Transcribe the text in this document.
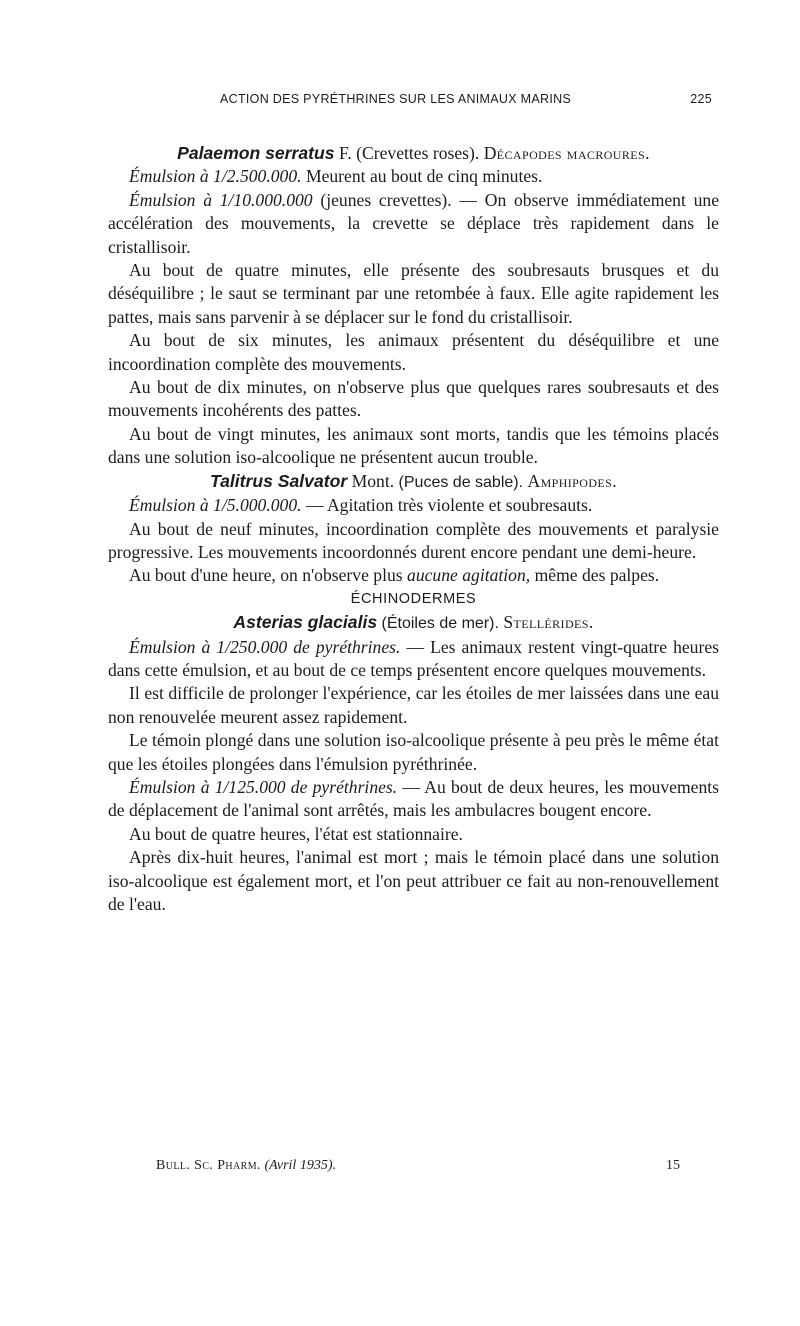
ACTION DES PYRÉTHRINES SUR LES ANIMAUX MARINS	225

Palaemon serratus F. (Crevettes roses). Décapodes macroures.

Émulsion à 1/2.500.000. Meurent au bout de cinq minutes.

Émulsion à 1/10.000.000 (jeunes crevettes). — On observe immédiatement une accélération des mouvements, la crevette se déplace très rapidement dans le cristallisoir.

Au bout de quatre minutes, elle présente des soubresauts brusques et du déséquilibre ; le saut se terminant par une retombée à faux. Elle agite rapidement les pattes, mais sans parvenir à se déplacer sur le fond du cristallisoir.

Au bout de six minutes, les animaux présentent du déséquilibre et une incoordination complète des mouvements.

Au bout de dix minutes, on n'observe plus que quelques rares soubresauts et des mouvements incohérents des pattes.

Au bout de vingt minutes, les animaux sont morts, tandis que les témoins placés dans une solution iso-alcoolique ne présentent aucun trouble.

Talitrus Salvator Mont. (Puces de sable). Amphipodes.

Émulsion à 1/5.000.000. — Agitation très violente et soubresauts.

Au bout de neuf minutes, incoordination complète des mouvements et paralysie progressive. Les mouvements incoordonnés durent encore pendant une demi-heure.

Au bout d'une heure, on n'observe plus aucune agitation, même des palpes.

ÉCHINODERMES

Asterias glacialis (Étoiles de mer). Stellérides.

Émulsion à 1/250.000 de pyréthrines. — Les animaux restent vingt-quatre heures dans cette émulsion, et au bout de ce temps présentent encore quelques mouvements.

Il est difficile de prolonger l'expérience, car les étoiles de mer laissées dans une eau non renouvelée meurent assez rapidement.

Le témoin plongé dans une solution iso-alcoolique présente à peu près le même état que les étoiles plongées dans l'émulsion pyréthrinée.

Émulsion à 1/125.000 de pyréthrines. — Au bout de deux heures, les mouvements de déplacement de l'animal sont arrêtés, mais les ambulacres bougent encore.

Au bout de quatre heures, l'état est stationnaire.

Après dix-huit heures, l'animal est mort ; mais le témoin placé dans une solution iso-alcoolique est également mort, et l'on peut attribuer ce fait au non-renouvellement de l'eau.

Bull. Sc. Pharm. (Avril 1935).	15
